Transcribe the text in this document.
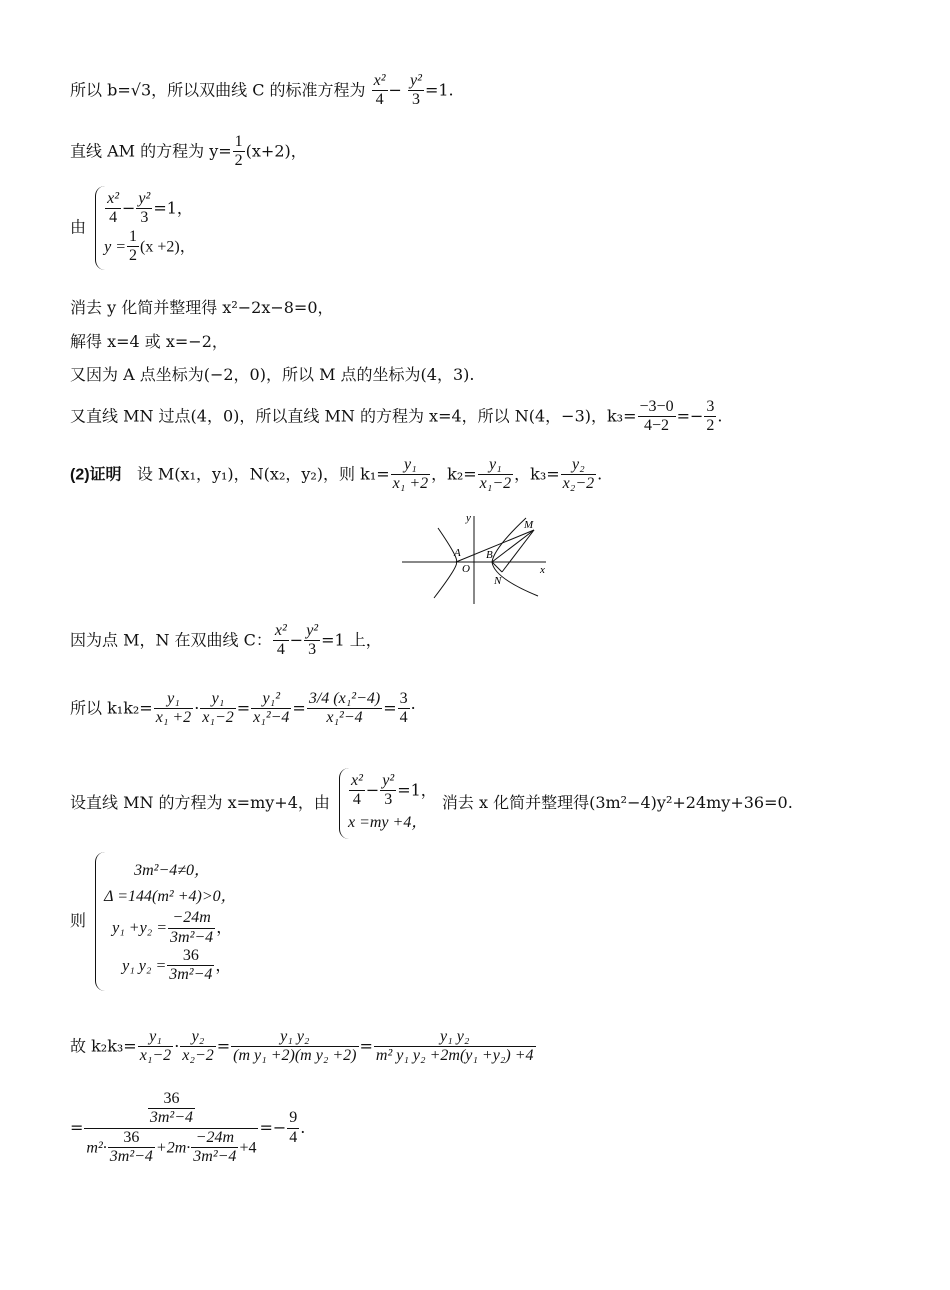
所以 b=√3，所以双曲线 C 的标准方程为 $\frac{\text{x²}}{4} - \frac{\text{y²}}{3} =1$.
直线 AM 的方程为 $y= \frac{1}{2} (x+2)$，
由 $\frac{\text{x²}}{4} - \frac{\text{y²}}{3} =1$，
$y = \frac{1}{2} (x +2)$，
消去 y 化简并整理得 x²−2x−8=0，
解得 x=4 或 x=−2，
又因为 A 点坐标为(−2，0)，所以 M 点的坐标为(4，3).
又直线 MN 过点(4，0)，所以直线 MN 的方程为 x=4，所以 N(4，−3)，$k_3= \frac{-3-0}{4-2} =- \frac{3}{2}$ .
(2)证明 设 M(x₁，y₁)，N(x₂，y₂)，则 $k_1= \frac{\text{y₁}}{\text{x₁ +2}}$ ，$k_2= \frac{\text{y₁}}{\text{x₁−2}}$ ，$k_3= \frac{\text{y₂}}{\text{x₂−2}}$ .
y
x
A
O
B
M
N
因为点 M，N 在双曲线 C： $\frac{\text{x²}}{4} - \frac{\text{y²}}{3} =1$ 上，
所以 $k_1k_2= \frac{\text{y₁}}{\text{x₁ +2}} \cdot \frac{\text{y₁}}{\text{x₁−2}} = \frac{\text{y₁²}}{\text{x₁²−4}} = \frac{\text{3/4 (x₁²−4)}}{\text{x₁²−4}} = \frac{3}{4}$ ·
设直线 MN 的方程为 x=my+4，由 $\frac{\text{x²}}{4} - \frac{\text{y²}}{3} =1$，
x =my +4，
消去 x 化简并整理得(3m²−4)y²+24my+36=0.
则
3m²−4≠0，
Δ =144(m² +4)>0，
$y_1 +y_2 = \frac{-24m}{\text{3m²−4}}$ ，
y₁ $y_2 = \frac{36}{\text{3m²−4}}$ ，
故 $k_2k_3= \frac{\text{y₁}}{\text{x₁−2}} \cdot \frac{\text{y₂}}{\text{x₂−2}} = \frac{\text{y₁ y₂}}{\text{(m y₁ +2)(m y₂ +2)}} = \frac{\text{y₁ y₂}}{\text{m² y₁ y₂ +2m(y₁ +y₂) +4}}$
= $\frac{\frac{36}{\text{3m²−4}}}{m^2\cdot \frac{36}{\text{3m²−4}} +2m\cdot \frac{-24m}{\text{3m²−4}} +4} =- \frac{9}{4}$ .
